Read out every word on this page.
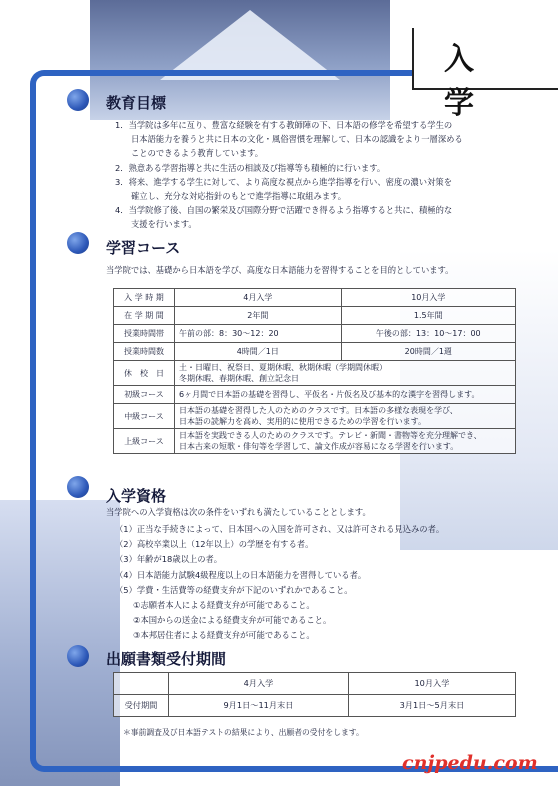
入 学
教育目標
1．当学院は多年に亙り、豊富な経験を有する教師陣の下、日本語の修学を希望する学生の
日本語能力を養うと共に日本の文化・風俗習慣を理解して、日本の認識をより一層深める
ことのできるよう教育しています。
2．熟意ある学習指導と共に生活の相談及び指導等も積極的に行います。
3．将来、進学する学生に対して、より高度な視点から進学指導を行い、密度の濃い対策を
確立し、充分な対応指針のもとで進学指導に取組みます。
4．当学院修了後、自国の繁栄及び国際分野で活躍でき得るよう指導すると共に、積極的な
支援を行います。
学習コース
当学院では、基礎から日本語を学び、高度な日本語能力を習得することを目的としています。
入 学 時 期	4月入学	10月入学
在 学 期 間	2年間	1.5年間
授業時間帯	午前の部：8：30～12：20	午後の部：13：10～17：00
授業時間数	4時間／1日	20時間／1週
休　校　日	土・日曜日、祝祭日、夏期休暇、秋期休暇（学期間休暇）
冬期休暇、春期休暇、創立記念日	

初級コース	6ヶ月間で日本語の基礎を習得し、平仮名・片仮名及び基本的な漢字を習得します。	
中級コース	日本語の基礎を習得した人のためのクラスです。日本語の多様な表現を学び、
日本語の読解力を高め、実用的に使用できるための学習を行います。	

上級コース	日本語を実践できる人のためのクラスです。テレビ・新聞・書物等を充分理解でき、
日本古来の短歌・俳句等を学習して、論文作成が容易になる学習を行います。	
入学資格
当学院への入学資格は次の条件をいずれも満たしていることとします。
（1）正当な手続きによって、日本国への入国を許可され、又は許可される見込みの者。
（2）高校卒業以上（12年以上）の学歴を有する者。
（3）年齢が18歳以上の者。
（4）日本語能力試験4級程度以上の日本語能力を習得している者。
（5）学費・生活費等の経費支弁が下記のいずれかであること。
①志願者本人による経費支弁が可能であること。
②本国からの送金による経費支弁が可能であること。
③本邦居住者による経費支弁が可能であること。
出願書類受付期間
	4月入学	10月入学
受付期間	9月1日～11月末日	3月1日～5月末日
＊事前調査及び日本語テストの結果により、出願者の受付をします。
cnjpedu.com
